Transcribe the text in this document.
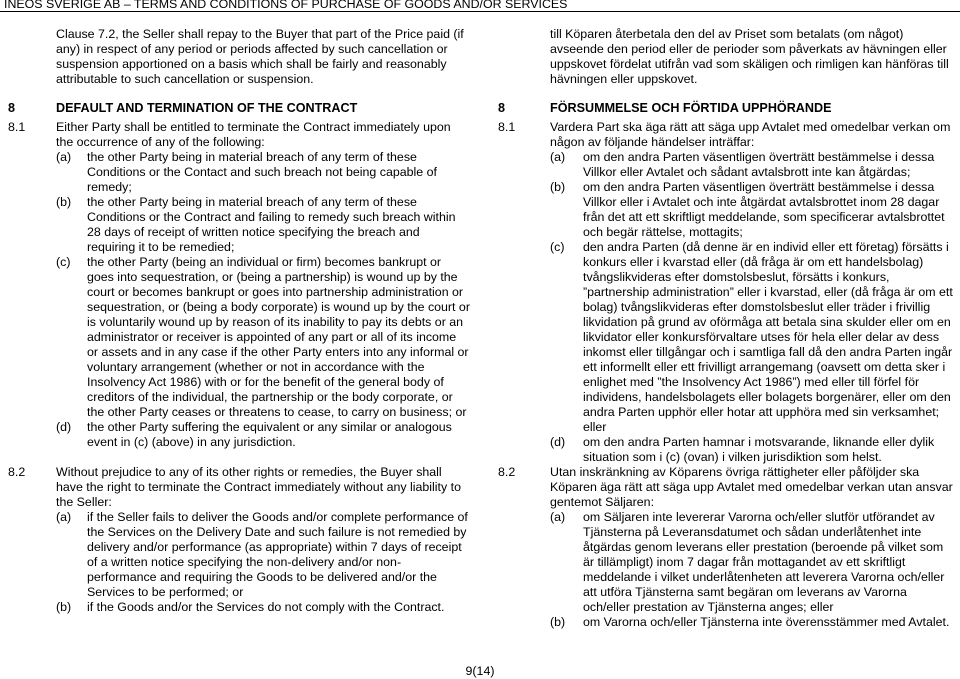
INEOS SVERIGE AB – TERMS AND CONDITIONS OF PURCHASE OF GOODS AND/OR SERVICES

Clause 7.2, the Seller shall repay to the Buyer that part of the Price paid (if any) in respect of any period or periods affected by such cancellation or suspension apportioned on a basis which shall be fairly and reasonably attributable to such cancellation or suspension.

8	DEFAULT AND TERMINATION OF THE CONTRACT
8.1 Either Party shall be entitled to terminate the Contract immediately upon the occurrence of any of the following:

(a) the other Party being in material breach of any term of these Conditions or the Contact and such breach not being capable of remedy;

(b) the other Party being in material breach of any term of these Conditions or the Contract and failing to remedy such breach within 28 days of receipt of written notice specifying the breach and requiring it to be remedied;

(c) the other Party (being an individual or firm) becomes bankrupt or goes into sequestration, or (being a partnership) is wound up by the court or becomes bankrupt or goes into partnership administration or sequestration, or (being a body corporate) is wound up by the court or is voluntarily wound up by reason of its inability to pay its debts or an administrator or receiver is appointed of any part or all of its income or assets and in any case if the other Party enters into any informal or voluntary arrangement (whether or not in accordance with the Insolvency Act 1986) with or for the benefit of the general body of creditors of the individual, the partnership or the body corporate, or the other Party ceases or threatens to cease, to carry on business; or

(d) the other Party suffering the equivalent or any similar or analogous event in (c) (above) in any jurisdiction.

8.2 Without prejudice to any of its other rights or remedies, the Buyer shall have the right to terminate the Contract immediately without any liability to the Seller:

(a) if the Seller fails to deliver the Goods and/or complete performance of the Services on the Delivery Date and such failure is not remedied by delivery and/or performance (as appropriate) within 7 days of receipt of a written notice specifying the non-delivery and/or non-performance and requiring the Goods to be delivered and/or the Services to be performed; or

(b) if the Goods and/or the Services do not comply with the Contract.

till Köparen återbetala den del av Priset som betalats (om något) avseende den period eller de perioder som påverkats av hävningen eller uppskovet fördelat utifrån vad som skäligen och rimligen kan hänföras till hävningen eller uppskovet.

8	FÖRSUMMELSE OCH FÖRTIDA UPPHÖRANDE
8.1	Vardera Part ska äga rätt att säga upp Avtalet med omedelbar verkan om någon av följande händelser inträffar:

(a) om den andra Parten väsentligen överträtt bestämmelse i dessa Villkor eller Avtalet och sådant avtalsbrott inte kan åtgärdas;

(b) om den andra Parten väsentligen överträtt bestämmelse i dessa Villkor eller i Avtalet och inte åtgärdat avtalsbrottet inom 28 dagar från det att ett skriftligt meddelande, som specificerar avtalsbrottet och begär rättelse, mottagits;

(c) den andra Parten (då denne är en individ eller ett företag) försätts i konkurs eller i kvarstad eller (då fråga är om ett handelsbolag) tvångslikvideras efter domstolsbeslut, försätts i konkurs, ”partnership administration” eller i kvarstad, eller (då fråga är om ett bolag) tvångslikvideras efter domstolsbeslut eller träder i frivillig likvidation på grund av oförmåga att betala sina skulder eller om en likvidator eller konkursförvaltare utses för hela eller delar av dess inkomst eller tillgångar och i samtliga fall då den andra Parten ingår ett informellt eller ett frivilligt arrangemang (oavsett om detta sker i enlighet med ”the Insolvency Act 1986”) med eller till förfel för individens, handelsbolagets eller bolagets borgenärer, eller om den andra Parten upphör eller hotar att upphöra med sin verksamhet; eller

(d) om den andra Parten hamnar i motsvarande, liknande eller dylik situation som i (c) (ovan) i vilken jurisdiktion som helst.

8.2	Utan inskränkning av Köparens övriga rättigheter eller påföljder ska Köparen äga rätt att säga upp Avtalet med omedelbar verkan utan ansvar gentemot Säljaren:

(a) om Säljaren inte levererar Varorna och/eller slutför utförandet av Tjänsterna på Leveransdatumet och sådan underlåtenhet inte åtgärdas genom leverans eller prestation (beroende på vilket som är tillämpligt) inom 7 dagar från mottagandet av ett skriftligt meddelande i vilket underlåtenheten att leverera Varorna och/eller att utföra Tjänsterna samt begäran om leverans av Varorna och/eller prestation av Tjänsterna anges; eller

(b) om Varorna och/eller Tjänsterna inte överensstämmer med Avtalet.

9(14)
